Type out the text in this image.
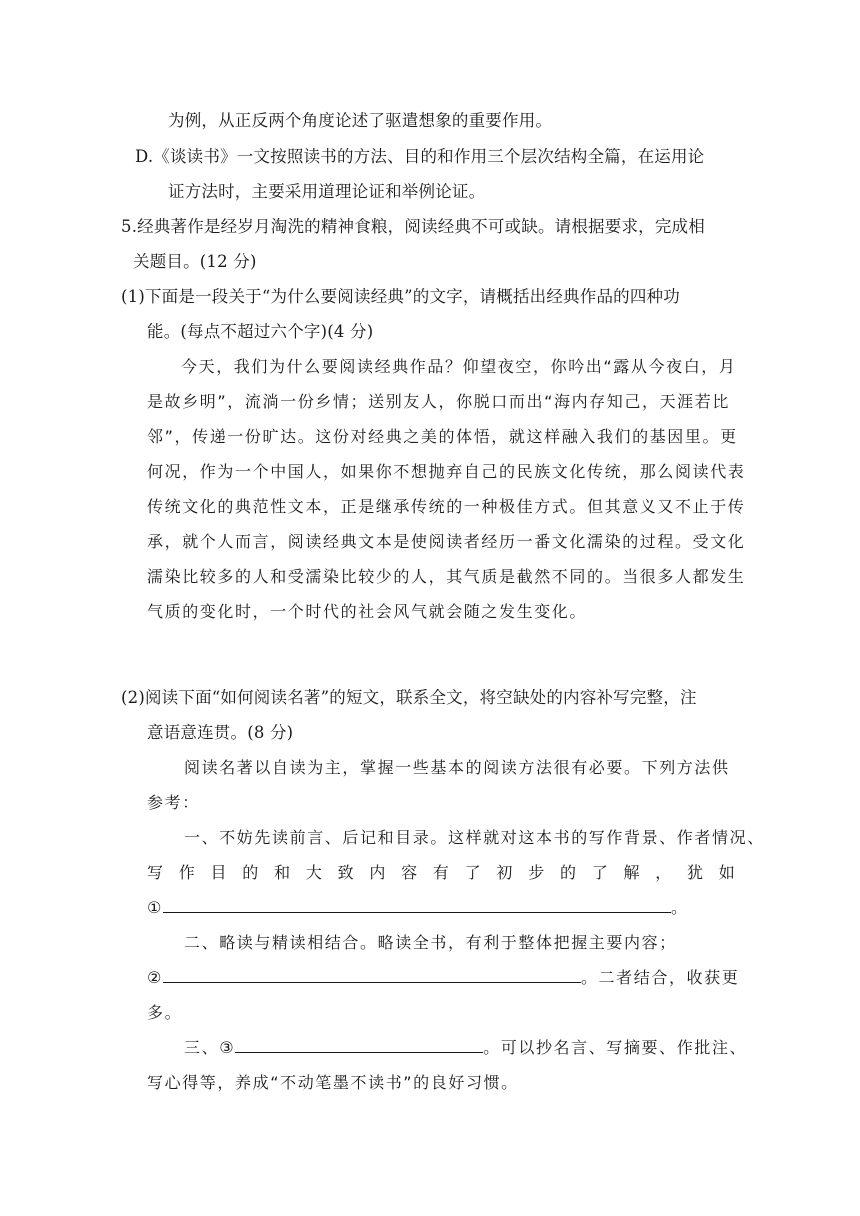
为例，从正反两个角度论述了驱遣想象的重要作用。
D.《谈读书》一文按照读书的方法、目的和作用三个层次结构全篇，在运用论
证方法时，主要采用道理论证和举例论证。
5.经典著作是经岁月淘洗的精神食粮，阅读经典不可或缺。请根据要求，完成相
关题目。(12 分)
(1)下面是一段关于“为什么要阅读经典”的文字，请概括出经典作品的四种功
能。(每点不超过六个字)(4 分)
今天，我们为什么要阅读经典作品？仰望夜空，你吟出“露从今夜白，月
是故乡明”，流淌一份乡情；送别友人，你脱口而出“海内存知己，天涯若比
邻”，传递一份旷达。这份对经典之美的体悟，就这样融入我们的基因里。更
何况，作为一个中国人，如果你不想抛弃自己的民族文化传统，那么阅读代表
传统文化的典范性文本，正是继承传统的一种极佳方式。但其意义又不止于传
承，就个人而言，阅读经典文本是使阅读者经历一番文化濡染的过程。受文化
濡染比较多的人和受濡染比较少的人，其气质是截然不同的。当很多人都发生
气质的变化时，一个时代的社会风气就会随之发生变化。
(2)阅读下面“如何阅读名著”的短文，联系全文，将空缺处的内容补写完整，注
意语意连贯。(8 分)
阅读名著以自读为主，掌握一些基本的阅读方法很有必要。下列方法供
参考：
一、不妨先读前言、后记和目录。这样就对这本书的写作背景、作者情况、
写 作 目 的 和 大 致 内 容 有 了 初 步 的 了 解 ， 犹 如
①	。
二、略读与精读相结合。略读全书，有利于整体把握主要内容；
②	。二者结合，收获更
多。
三、③	。可以抄名言、写摘要、作批注、
写心得等，养成“不动笔墨不读书”的良好习惯。
